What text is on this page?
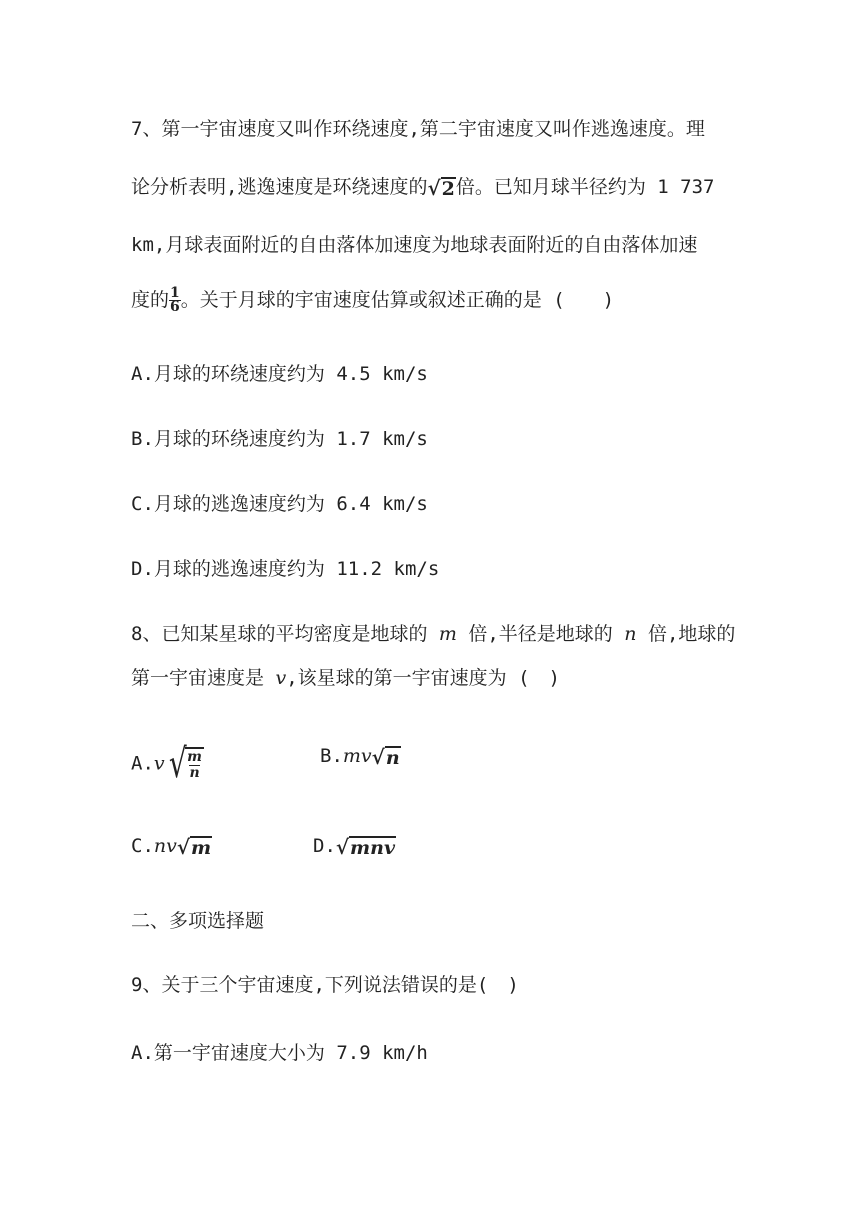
7、第一宇宙速度又叫作环绕速度,第二宇宙速度又叫作逃逸速度。理
论分析表明,逃逸速度是环绕速度的 √ 2 倍。已知月球半径约为 1 737
km,月球表面附近的自由落体加速度为地球表面附近的自由落体加速
度的 $\frac{1}{6}$ 。关于月球的宇宙速度估算或叙述正确的是 (　　)
A.月球的环绕速度约为 4.5 km/s
B.月球的环绕速度约为 1.7 km/s
C.月球的逃逸速度约为 6.4 km/s
D.月球的逃逸速度约为 11.2 km/s
8、已知某星球的平均密度是地球的 m 倍,半径是地球的 n 倍,地球的
第一宇宙速度是 v,该星球的第一宇宙速度为 (　)
A.v √
$\frac{m}{n}$	B.mv √ n
C.nv √ m	D. √ mnv
二、多项选择题
9、关于三个宇宙速度,下列说法错误的是(　)
A.第一宇宙速度大小为 7.9 km/h
